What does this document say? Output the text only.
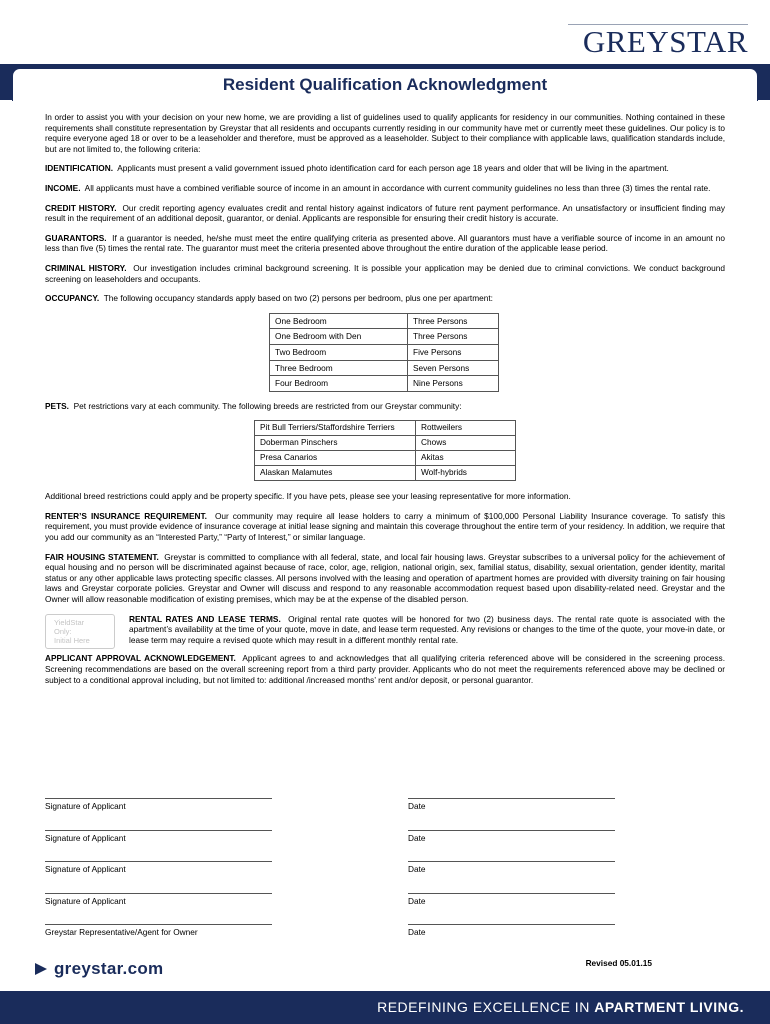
GREYSTAR
Resident Qualification Acknowledgment

In order to assist you with your decision on your new home, we are providing a list of guidelines used to qualify applicants for residency in our communities. Nothing contained in these requirements shall constitute representation by Greystar that all residents and occupants currently residing in our community have met or currently meet these guidelines. Our policy is to require everyone aged 18 or over to be a leaseholder and therefore, must be approved as a leaseholder. Subject to their compliance with applicable laws, qualification standards include, but are not limited to, the following criteria:

IDENTIFICATION. Applicants must present a valid government issued photo identification card for each person age 18 years and older that will be living in the apartment.

INCOME. All applicants must have a combined verifiable source of income in an amount in accordance with current community guidelines no less than three (3) times the rental rate.

CREDIT HISTORY. Our credit reporting agency evaluates credit and rental history against indicators of future rent payment performance. An unsatisfactory or insufficient finding may result in the requirement of an additional deposit, guarantor, or denial. Applicants are responsible for ensuring their credit history is accurate.

GUARANTORS. If a guarantor is needed, he/she must meet the entire qualifying criteria as presented above. All guarantors must have a verifiable source of income in an amount no less than five (5) times the rental rate. The guarantor must meet the criteria presented above throughout the entire duration of the applicable lease period.

CRIMINAL HISTORY. Our investigation includes criminal background screening. It is possible your application may be denied due to criminal convictions. We conduct background screening on leaseholders and occupants.

OCCUPANCY. The following occupancy standards apply based on two (2) persons per bedroom, plus one per apartment:

One Bedroom	Three Persons
One Bedroom with Den	Three Persons
Two Bedroom	Five Persons
Three Bedroom	Seven Persons
Four Bedroom	Nine Persons

PETS. Pet restrictions vary at each community. The following breeds are restricted from our Greystar community:

Pit Bull Terriers/Staffordshire Terriers	Rottweilers
Doberman Pinschers	Chows
Presa Canarios	Akitas
Alaskan Malamutes	Wolf-hybrids

Additional breed restrictions could apply and be property specific. If you have pets, please see your leasing representative for more information.

RENTER’S INSURANCE REQUIREMENT. Our community may require all lease holders to carry a minimum of $100,000 Personal Liability Insurance coverage. To satisfy this requirement, you must provide evidence of insurance coverage at initial lease signing and maintain this coverage throughout the entire term of your residency. In addition, we require that you add our community as an “Interested Party,” “Party of Interest,” or similar language.

FAIR HOUSING STATEMENT. Greystar is committed to compliance with all federal, state, and local fair housing laws. Greystar subscribes to a universal policy for the achievement of equal housing and no person will be discriminated against because of race, color, age, religion, national origin, sex, familial status, disability, sexual orientation, gender identity, marital status or any other applicable laws protecting specific classes. All persons involved with the leasing and operation of apartment homes are provided with diversity training on fair housing laws and Greystar corporate policies. Greystar and Owner will discuss and respond to any reasonable accommodation request based upon disability-related need. Greystar and the Owner will allow reasonable modification of existing premises, which may be at the expense of the disabled person.

YieldStar
Only:
Initial Here

RENTAL RATES AND LEASE TERMS. Original rental rate quotes will be honored for two (2) business days. The rental rate quote is associated with the apartment’s availability at the time of your quote, move in date, and lease term requested. Any revisions or changes to the time of the quote, your move-in date, or lease term may require a revised quote which may result in a different monthly rental rate.

APPLICANT APPROVAL ACKNOWLEDGEMENT. Applicant agrees to and acknowledges that all qualifying criteria referenced above will be considered in the screening process. Screening recommendations are based on the overall screening report from a third party provider. Applicants who do not meet the requirements referenced above may be declined or subject to a conditional approval including, but not limited to: additional /increased months’ rent and/or deposit, or personal guarantor.

Signature of Applicant	Date
Signature of Applicant	Date
Signature of Applicant	Date
Signature of Applicant	Date
Greystar Representative/Agent for Owner	Date
Revised 05.01.15
greystar.com
REDEFINING EXCELLENCE IN APARTMENT LIVING.
